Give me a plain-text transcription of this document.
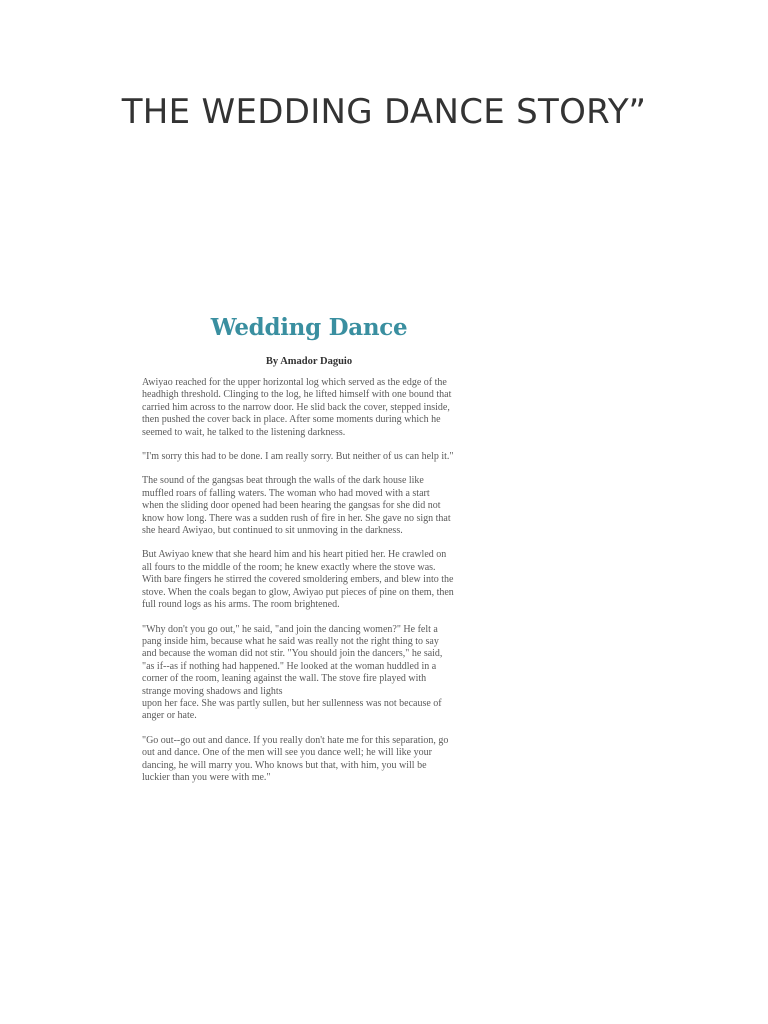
THE WEDDING DANCE STORY”
Wedding Dance
By Amador Daguio

Awiyao reached for the upper horizontal log which served as the edge of the
headhigh threshold. Clinging to the log, he lifted himself with one bound that
carried him across to the narrow door. He slid back the cover, stepped inside,
then pushed the cover back in place. After some moments during which he
seemed to wait, he talked to the listening darkness.

"I'm sorry this had to be done. I am really sorry. But neither of us can help it."

The sound of the gangsas beat through the walls of the dark house like
muffled roars of falling waters. The woman who had moved with a start
when the sliding door opened had been hearing the gangsas for she did not
know how long. There was a sudden rush of fire in her. She gave no sign that
she heard Awiyao, but continued to sit unmoving in the darkness.

But Awiyao knew that she heard him and his heart pitied her. He crawled on
all fours to the middle of the room; he knew exactly where the stove was.
With bare fingers he stirred the covered smoldering embers, and blew into the
stove. When the coals began to glow, Awiyao put pieces of pine on them, then
full round logs as his arms. The room brightened.

"Why don't you go out," he said, "and join the dancing women?" He felt a
pang inside him, because what he said was really not the right thing to say
and because the woman did not stir. "You should join the dancers," he said,
"as if--as if nothing had happened." He looked at the woman huddled in a
corner of the room, leaning against the wall. The stove fire played with
strange moving shadows and lights
upon her face. She was partly sullen, but her sullenness was not because of
anger or hate.

"Go out--go out and dance. If you really don't hate me for this separation, go
out and dance. One of the men will see you dance well; he will like your
dancing, he will marry you. Who knows but that, with him, you will be
luckier than you were with me."
